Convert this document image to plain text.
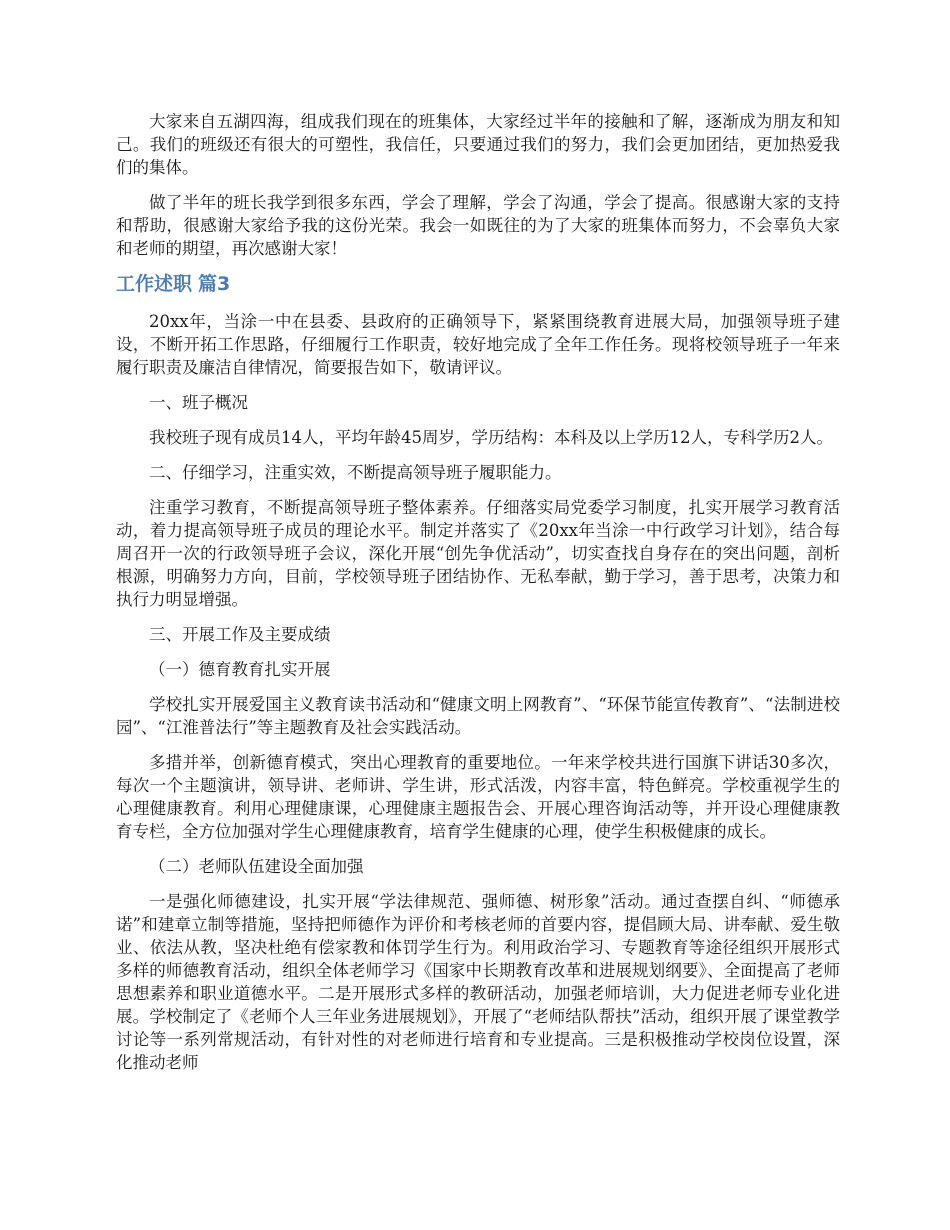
大家来自五湖四海，组成我们现在的班集体，大家经过半年的接触和了解，逐渐成为朋友和知己。我们的班级还有很大的可塑性，我信任，只要通过我们的努力，我们会更加团结，更加热爱我们的集体。

做了半年的班长我学到很多东西，学会了理解，学会了沟通，学会了提高。很感谢大家的支持和帮助，很感谢大家给予我的这份光荣。我会一如既往的为了大家的班集体而努力，不会辜负大家和老师的期望，再次感谢大家！

工作述职 篇3

20xx年，当涂一中在县委、县政府的正确领导下，紧紧围绕教育进展大局，加强领导班子建设，不断开拓工作思路，仔细履行工作职责，较好地完成了全年工作任务。现将校领导班子一年来履行职责及廉洁自律情况，简要报告如下，敬请评议。

一、班子概况

我校班子现有成员14人，平均年龄45周岁，学历结构：本科及以上学历12人，专科学历2人。

二、仔细学习，注重实效，不断提高领导班子履职能力。

注重学习教育，不断提高领导班子整体素养。仔细落实局党委学习制度，扎实开展学习教育活动，着力提高领导班子成员的理论水平。制定并落实了《20xx年当涂一中行政学习计划》，结合每周召开一次的行政领导班子会议，深化开展“创先争优活动”，切实查找自身存在的突出问题，剖析根源，明确努力方向，目前，学校领导班子团结协作、无私奉献，勤于学习，善于思考，决策力和执行力明显增强。

三、开展工作及主要成绩

（一）德育教育扎实开展

学校扎实开展爱国主义教育读书活动和“健康文明上网教育”、“环保节能宣传教育”、“法制进校园”、“江淮普法行”等主题教育及社会实践活动。

多措并举，创新德育模式，突出心理教育的重要地位。一年来学校共进行国旗下讲话30多次，每次一个主题演讲，领导讲、老师讲、学生讲，形式活泼，内容丰富，特色鲜亮。学校重视学生的心理健康教育。利用心理健康课，心理健康主题报告会、开展心理咨询活动等，并开设心理健康教育专栏，全方位加强对学生心理健康教育，培育学生健康的心理，使学生积极健康的成长。

（二）老师队伍建设全面加强

一是强化师德建设，扎实开展“学法律规范、强师德、树形象”活动。通过查摆自纠、“师德承诺”和建章立制等措施，坚持把师德作为评价和考核老师的首要内容，提倡顾大局、讲奉献、爱生敬业、依法从教，坚决杜绝有偿家教和体罚学生行为。利用政治学习、专题教育等途径组织开展形式多样的师德教育活动，组织全体老师学习《国家中长期教育改革和进展规划纲要》、全面提高了老师思想素养和职业道德水平。二是开展形式多样的教研活动，加强老师培训，大力促进老师专业化进展。学校制定了《老师个人三年业务进展规划》，开展了“老师结队帮扶”活动，组织开展了课堂教学讨论等一系列常规活动，有针对性的对老师进行培育和专业提高。三是积极推动学校岗位设置，深化推动老师
